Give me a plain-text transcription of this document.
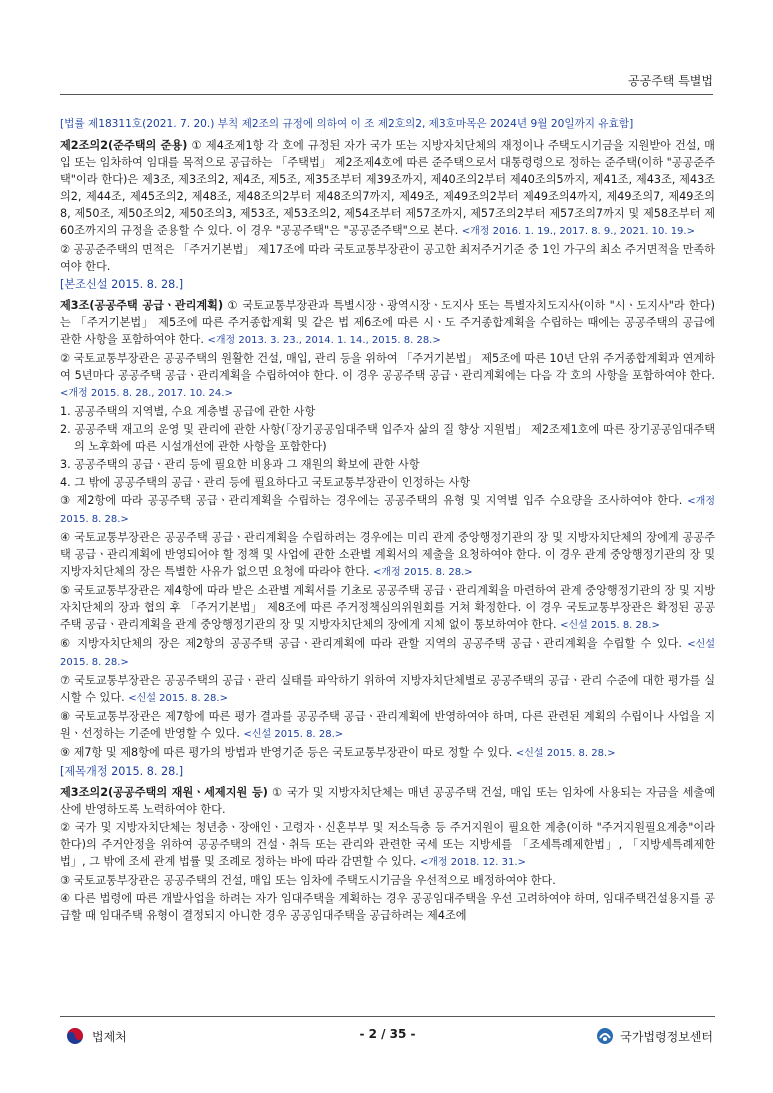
공공주택 특별법

[법률 제18311호(2021. 7. 20.) 부칙 제2조의 규정에 의하여 이 조 제2호의2, 제3호마목은 2024년 9월 20일까지 유효함]

제2조의2(준주택의 준용) ① 제4조제1항 각 호에 규정된 자가 국가 또는 지방자치단체의 재정이나 주택도시기금을 지원받아 건설, 매입 또는 임차하여 임대를 목적으로 공급하는 「주택법」 제2조제4호에 따른 준주택으로서 대통령령으로 정하는 준주택(이하 "공공준주택"이라 한다)은 제3조, 제3조의2, 제4조, 제5조, 제35조부터 제39조까지, 제40조의2부터 제40조의5까지, 제41조, 제43조, 제43조의2, 제44조, 제45조의2, 제48조, 제48조의2부터 제48조의7까지, 제49조, 제49조의2부터 제49조의4까지, 제49조의7, 제49조의8, 제50조, 제50조의2, 제50조의3, 제53조, 제53조의2, 제54조부터 제57조까지, 제57조의2부터 제57조의7까지 및 제58조부터 제60조까지의 규정을 준용할 수 있다. 이 경우 "공공주택"은 "공공준주택"으로 본다. <개정 2016. 1. 19., 2017. 8. 9., 2021. 10. 19.>

② 공공준주택의 면적은 「주거기본법」 제17조에 따라 국토교통부장관이 공고한 최저주거기준 중 1인 가구의 최소 주거면적을 만족하여야 한다.

[본조신설 2015. 8. 28.]

제3조(공공주택 공급ㆍ관리계획) ① 국토교통부장관과 특별시장ㆍ광역시장ㆍ도지사 또는 특별자치도지사(이하 "시ㆍ도지사"라 한다)는 「주거기본법」 제5조에 따른 주거종합계획 및 같은 법 제6조에 따른 시ㆍ도 주거종합계획을 수립하는 때에는 공공주택의 공급에 관한 사항을 포함하여야 한다. <개정 2013. 3. 23., 2014. 1. 14., 2015. 8. 28.>

② 국토교통부장관은 공공주택의 원활한 건설, 매입, 관리 등을 위하여 「주거기본법」 제5조에 따른 10년 단위 주거종합계획과 연계하여 5년마다 공공주택 공급ㆍ관리계획을 수립하여야 한다. 이 경우 공공주택 공급ㆍ관리계획에는 다음 각 호의 사항을 포함하여야 한다. <개정 2015. 8. 28., 2017. 10. 24.>

1. 공공주택의 지역별, 수요 계층별 공급에 관한 사항

2. 공공주택 재고의 운영 및 관리에 관한 사항(「장기공공임대주택 입주자 삶의 질 향상 지원법」 제2조제1호에 따른 장기공공임대주택의 노후화에 따른 시설개선에 관한 사항을 포함한다)

3. 공공주택의 공급ㆍ관리 등에 필요한 비용과 그 재원의 확보에 관한 사항

4. 그 밖에 공공주택의 공급ㆍ관리 등에 필요하다고 국토교통부장관이 인정하는 사항

③ 제2항에 따라 공공주택 공급ㆍ관리계획을 수립하는 경우에는 공공주택의 유형 및 지역별 입주 수요량을 조사하여야 한다. <개정 2015. 8. 28.>

④ 국토교통부장관은 공공주택 공급ㆍ관리계획을 수립하려는 경우에는 미리 관계 중앙행정기관의 장 및 지방자치단체의 장에게 공공주택 공급ㆍ관리계획에 반영되어야 할 정책 및 사업에 관한 소관별 계획서의 제출을 요청하여야 한다. 이 경우 관계 중앙행정기관의 장 및 지방자치단체의 장은 특별한 사유가 없으면 요청에 따라야 한다. <개정 2015. 8. 28.>

⑤ 국토교통부장관은 제4항에 따라 받은 소관별 계획서를 기초로 공공주택 공급ㆍ관리계획을 마련하여 관계 중앙행정기관의 장 및 지방자치단체의 장과 협의 후 「주거기본법」 제8조에 따른 주거정책심의위원회를 거쳐 확정한다. 이 경우 국토교통부장관은 확정된 공공주택 공급ㆍ관리계획을 관계 중앙행정기관의 장 및 지방자치단체의 장에게 지체 없이 통보하여야 한다. <신설 2015. 8. 28.>

⑥ 지방자치단체의 장은 제2항의 공공주택 공급ㆍ관리계획에 따라 관할 지역의 공공주택 공급ㆍ관리계획을 수립할 수 있다. <신설 2015. 8. 28.>

⑦ 국토교통부장관은 공공주택의 공급ㆍ관리 실태를 파악하기 위하여 지방자치단체별로 공공주택의 공급ㆍ관리 수준에 대한 평가를 실시할 수 있다. <신설 2015. 8. 28.>

⑧ 국토교통부장관은 제7항에 따른 평가 결과를 공공주택 공급ㆍ관리계획에 반영하여야 하며, 다른 관련된 계획의 수립이나 사업을 지원ㆍ선정하는 기준에 반영할 수 있다. <신설 2015. 8. 28.>

⑨ 제7항 및 제8항에 따른 평가의 방법과 반영기준 등은 국토교통부장관이 따로 정할 수 있다. <신설 2015. 8. 28.>

[제목개정 2015. 8. 28.]

제3조의2(공공주택의 재원ㆍ세제지원 등) ① 국가 및 지방자치단체는 매년 공공주택 건설, 매입 또는 임차에 사용되는 자금을 세출예산에 반영하도록 노력하여야 한다.

② 국가 및 지방자치단체는 청년층ㆍ장애인ㆍ고령자ㆍ신혼부부 및 저소득층 등 주거지원이 필요한 계층(이하 "주거지원필요계층"이라 한다)의 주거안정을 위하여 공공주택의 건설ㆍ취득 또는 관리와 관련한 국세 또는 지방세를 「조세특례제한법」, 「지방세특례제한법」, 그 밖에 조세 관계 법률 및 조례로 정하는 바에 따라 감면할 수 있다. <개정 2018. 12. 31.>

③ 국토교통부장관은 공공주택의 건설, 매입 또는 임차에 주택도시기금을 우선적으로 배정하여야 한다.

④ 다른 법령에 따른 개발사업을 하려는 자가 임대주택을 계획하는 경우 공공임대주택을 우선 고려하여야 하며, 임대주택건설용지를 공급할 때 임대주택 유형이 결정되지 아니한 경우 공공임대주택을 공급하려는 제4조에

법제처	- 2 / 35 -	국가법령정보센터
